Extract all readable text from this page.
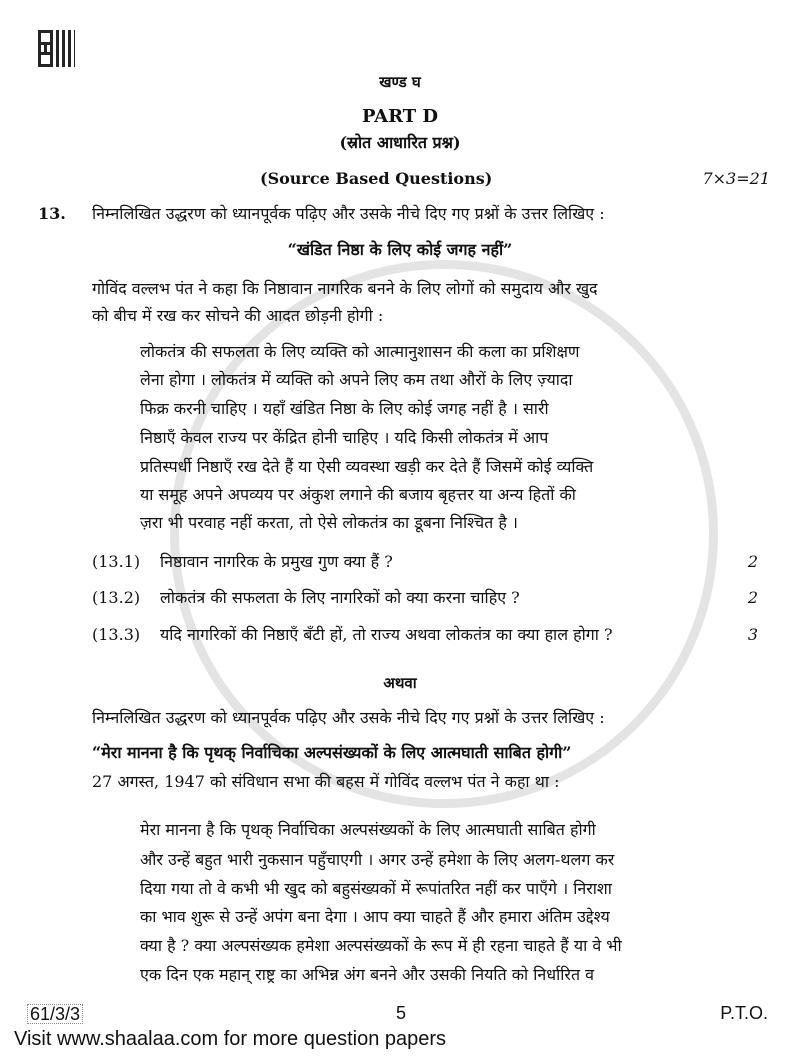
खण्ड घ
PART D
(स्रोत आधारित प्रश्न)
(Source Based Questions)	7×3=21
13. निम्नलिखित उद्धरण को ध्यानपूर्वक पढ़िए और उसके नीचे दिए गए प्रश्नों के उत्तर लिखिए :
“खंडित निष्ठा के लिए कोई जगह नहीं”
गोविंद वल्लभ पंत ने कहा कि निष्ठावान नागरिक बनने के लिए लोगों को समुदाय और खुद
को बीच में रख कर सोचने की आदत छोड़नी होगी :
लोकतंत्र की सफलता के लिए व्यक्ति को आत्मानुशासन की कला का प्रशिक्षण
लेना होगा । लोकतंत्र में व्यक्ति को अपने लिए कम तथा औरों के लिए ज़्यादा
फिक्र करनी चाहिए । यहाँ खंडित निष्ठा के लिए कोई जगह नहीं है । सारी
निष्ठाएँ केवल राज्य पर केंद्रित होनी चाहिए । यदि किसी लोकतंत्र में आप
प्रतिस्पर्धी निष्ठाएँ रख देते हैं या ऐसी व्यवस्था खड़ी कर देते हैं जिसमें कोई व्यक्ति
या समूह अपने अपव्यय पर अंकुश लगाने की बजाय बृहत्तर या अन्य हितों की
ज़रा भी परवाह नहीं करता, तो ऐसे लोकतंत्र का डूबना निश्चित है ।
(13.1)	निष्ठावान नागरिक के प्रमुख गुण क्या हैं ?	2
(13.2)	लोकतंत्र की सफलता के लिए नागरिकों को क्या करना चाहिए ?	2
(13.3)	यदि नागरिकों की निष्ठाएँ बँटी हों, तो राज्य अथवा लोकतंत्र का क्या हाल होगा ?	3
अथवा
निम्नलिखित उद्धरण को ध्यानपूर्वक पढ़िए और उसके नीचे दिए गए प्रश्नों के उत्तर लिखिए :
“मेरा मानना है कि पृथक् निर्वाचिका अल्पसंख्यकों के लिए आत्मघाती साबित होगी”
27 अगस्त, 1947 को संविधान सभा की बहस में गोविंद वल्लभ पंत ने कहा था :
मेरा मानना है कि पृथक् निर्वाचिका अल्पसंख्यकों के लिए आत्मघाती साबित होगी
और उन्हें बहुत भारी नुकसान पहुँचाएगी । अगर उन्हें हमेशा के लिए अलग-थलग कर
दिया गया तो वे कभी भी खुद को बहुसंख्यकों में रूपांतरित नहीं कर पाएँगे । निराशा
का भाव शुरू से उन्हें अपंग बना देगा । आप क्या चाहते हैं और हमारा अंतिम उद्देश्य
क्या है ? क्या अल्पसंख्यक हमेशा अल्पसंख्यकों के रूप में ही रहना चाहते हैं या वे भी
एक दिन एक महान् राष्ट्र का अभिन्न अंग बनने और उसकी नियति को निर्धारित व
61/3/3	5	P.T.O.
Visit www.shaalaa.com for more question papers
